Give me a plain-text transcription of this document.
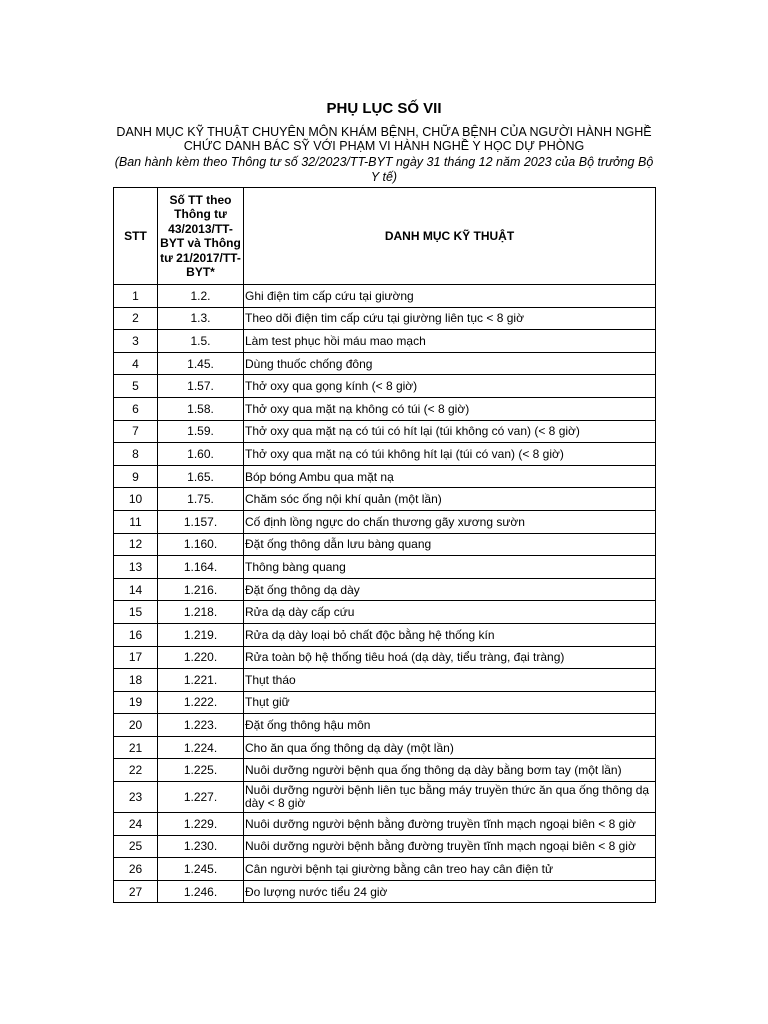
PHỤ LỤC SỐ VII
DANH MỤC KỸ THUẬT CHUYÊN MÔN KHÁM BỆNH, CHỮA BỆNH CỦA NGƯỜI HÀNH NGHỀ CHỨC DANH BÁC SỸ VỚI PHẠM VI HÀNH NGHỀ Y HỌC DỰ PHÒNG
(Ban hành kèm theo Thông tư số 32/2023/TT-BYT ngày 31 tháng 12 năm 2023 của Bộ trưởng Bộ Y tế)
STT	Số TT theo Thông tư 43/2013/TT-BYT và Thông tư 21/2017/TT-BYT*	DANH MỤC KỸ THUẬT
1	1.2.	Ghi điện tim cấp cứu tại giường
2	1.3.	Theo dõi điện tim cấp cứu tại giường liên tục < 8 giờ
3	1.5.	Làm test phục hồi máu mao mạch
4	1.45.	Dùng thuốc chống đông
5	1.57.	Thở oxy qua gọng kính (< 8 giờ)
6	1.58.	Thở oxy qua mặt nạ không có túi (< 8 giờ)
7	1.59.	Thở oxy qua mặt nạ có túi có hít lại (túi không có van) (< 8 giờ)
8	1.60.	Thở oxy qua mặt nạ có túi không hít lại (túi có van) (< 8 giờ)
9	1.65.	Bóp bóng Ambu qua mặt nạ
10	1.75.	Chăm sóc ống nội khí quản (một lần)
11	1.157.	Cố định lồng ngực do chấn thương gãy xương sườn
12	1.160.	Đặt ống thông dẫn lưu bàng quang
13	1.164.	Thông bàng quang
14	1.216.	Đặt ống thông dạ dày
15	1.218.	Rửa dạ dày cấp cứu
16	1.219.	Rửa dạ dày loại bỏ chất độc bằng hệ thống kín
17	1.220.	Rửa toàn bộ hệ thống tiêu hoá (dạ dày, tiểu tràng, đại tràng)
18	1.221.	Thụt tháo
19	1.222.	Thụt giữ
20	1.223.	Đặt ống thông hậu môn
21	1.224.	Cho ăn qua ống thông dạ dày (một lần)
22	1.225.	Nuôi dưỡng người bệnh qua ống thông dạ dày bằng bơm tay (một lần)
23	1.227.	Nuôi dưỡng người bệnh liên tục bằng máy truyền thức ăn qua ống thông dạ dày < 8 giờ
24	1.229.	Nuôi dưỡng người bệnh bằng đường truyền tĩnh mạch ngoại biên < 8 giờ
25	1.230.	Nuôi dưỡng người bệnh bằng đường truyền tĩnh mạch ngoại biên < 8 giờ
26	1.245.	Cân người bệnh tại giường bằng cân treo hay cân điện tử
27	1.246.	Đo lượng nước tiểu 24 giờ
